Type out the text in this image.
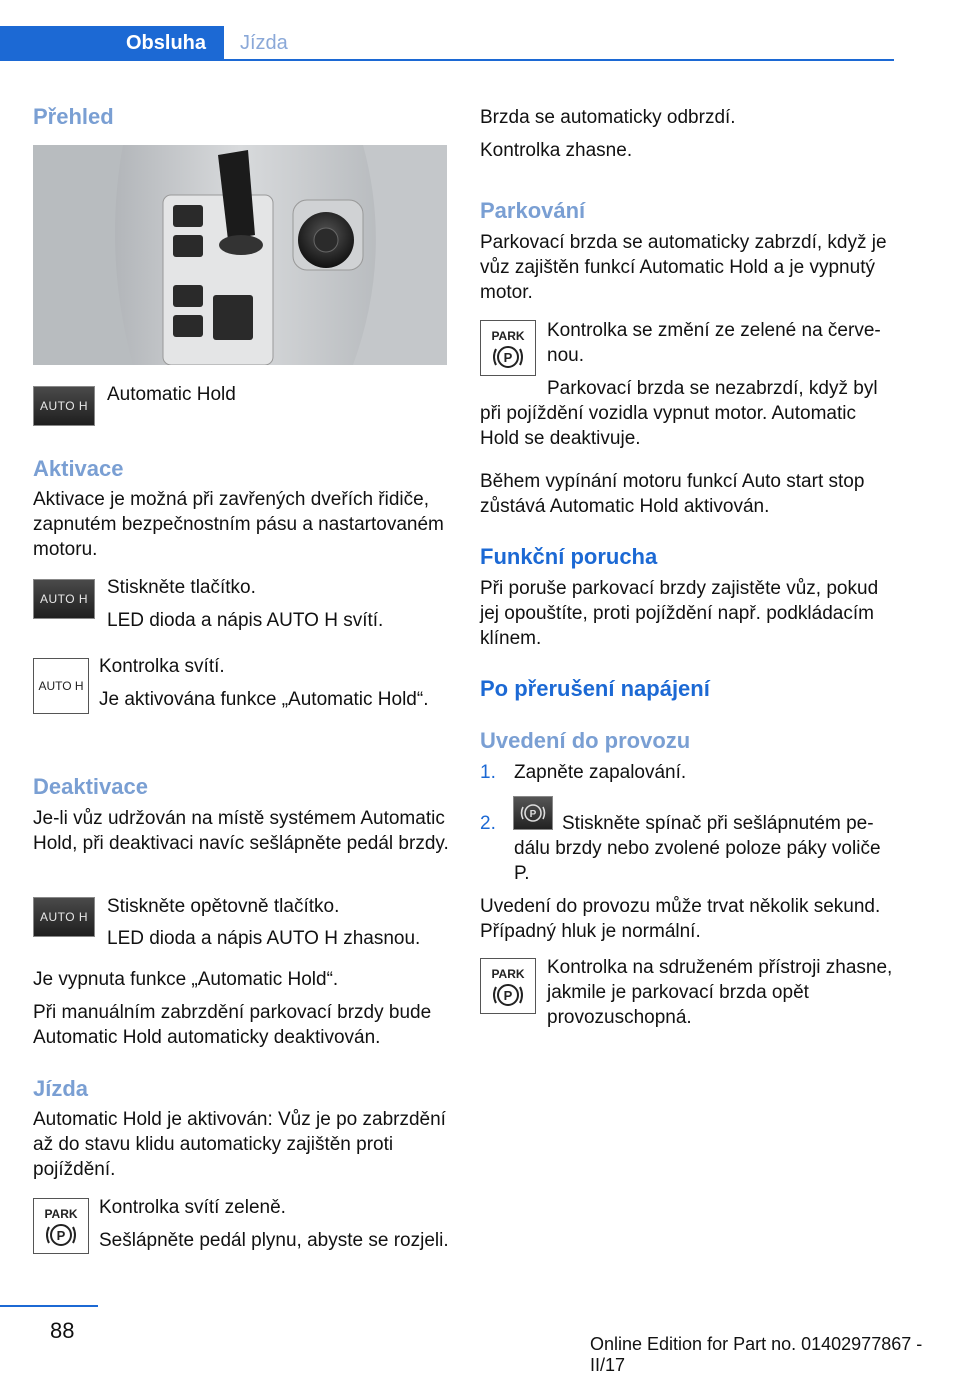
Obsluha	Jízda
Přehled
AUTO H
Automatic Hold
Aktivace
Aktivace je možná při zavřených dveřích řidiče, zapnutém bezpečnostním pásu a nastartovaném motoru.
AUTO H
Stiskněte tlačítko.
LED dioda a nápis AUTO H svítí.
AUTO H
Kontrolka svítí.
Je aktivována funkce „Automatic Hold“.
Deaktivace
Je-li vůz udržován na místě systémem Automatic Hold, při deaktivaci navíc sešlápněte pedál brzdy.
AUTO H Stiskněte opětovně tlačítko.
LED dioda a nápis AUTO H zhasnou.
Je vypnuta funkce „Automatic Hold“.
Při manuálním zabrzdění parkovací brzdy bude Automatic Hold automaticky deaktivován.
Jízda
Automatic Hold je aktivován: Vůz je po zabrzdění až do stavu klidu automaticky zajištěn proti pojíždění.
PARK
P
Kontrolka svítí zeleně.
Sešlápněte pedál plynu, abyste se rozjeli.
Brzda se automaticky odbrzdí.
Kontrolka zhasne.
Parkování
Parkovací brzda se automaticky zabrzdí, když je vůz zajištěn funkcí Automatic Hold a je vypnutý motor.
PARK
P
Kontrolka se změní ze zelené na červenou.
Parkovací brzda se nezabrzdí, když byl při pojíždění vozidla vypnut motor. Automatic Hold se deaktivuje.
Během vypínání motoru funkcí Auto start stop zůstává Automatic Hold aktivován.
Funkční porucha
Při poruše parkovací brzdy zajistěte vůz, pokud jej opouštíte, proti pojíždění např. podkládacím klínem.
Po přerušení napájení
Uvedení do provozu
1. Zapněte zapalování.
2.	P	Stiskněte spínač při sešlápnutém pedálu brzdy nebo zvolené poloze páky voliče P.
Uvedení do provozu může trvat několik sekund. Případný hluk je normální.
PARK
P
Kontrolka na sdruženém přístroji zhasne, jakmile je parkovací brzda opět provozuschopná.
88
Online Edition for Part no. 01402977867 - II/17
